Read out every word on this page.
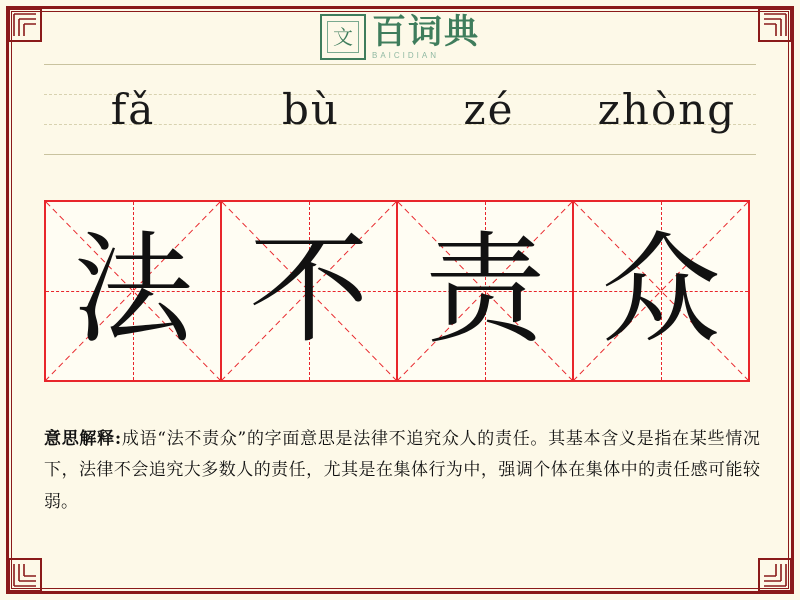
文 百词典
BAICIDIAN
fǎ	bù	zé	zhòng
法 不 责 众
意思解释:成语“法不责众”的字面意思是法律不追究众人的责任。其基本含义是指在某些情况下，法律不会追究大多数人的责任，尤其是在集体行为中，强调个体在集体中的责任感可能较弱。
